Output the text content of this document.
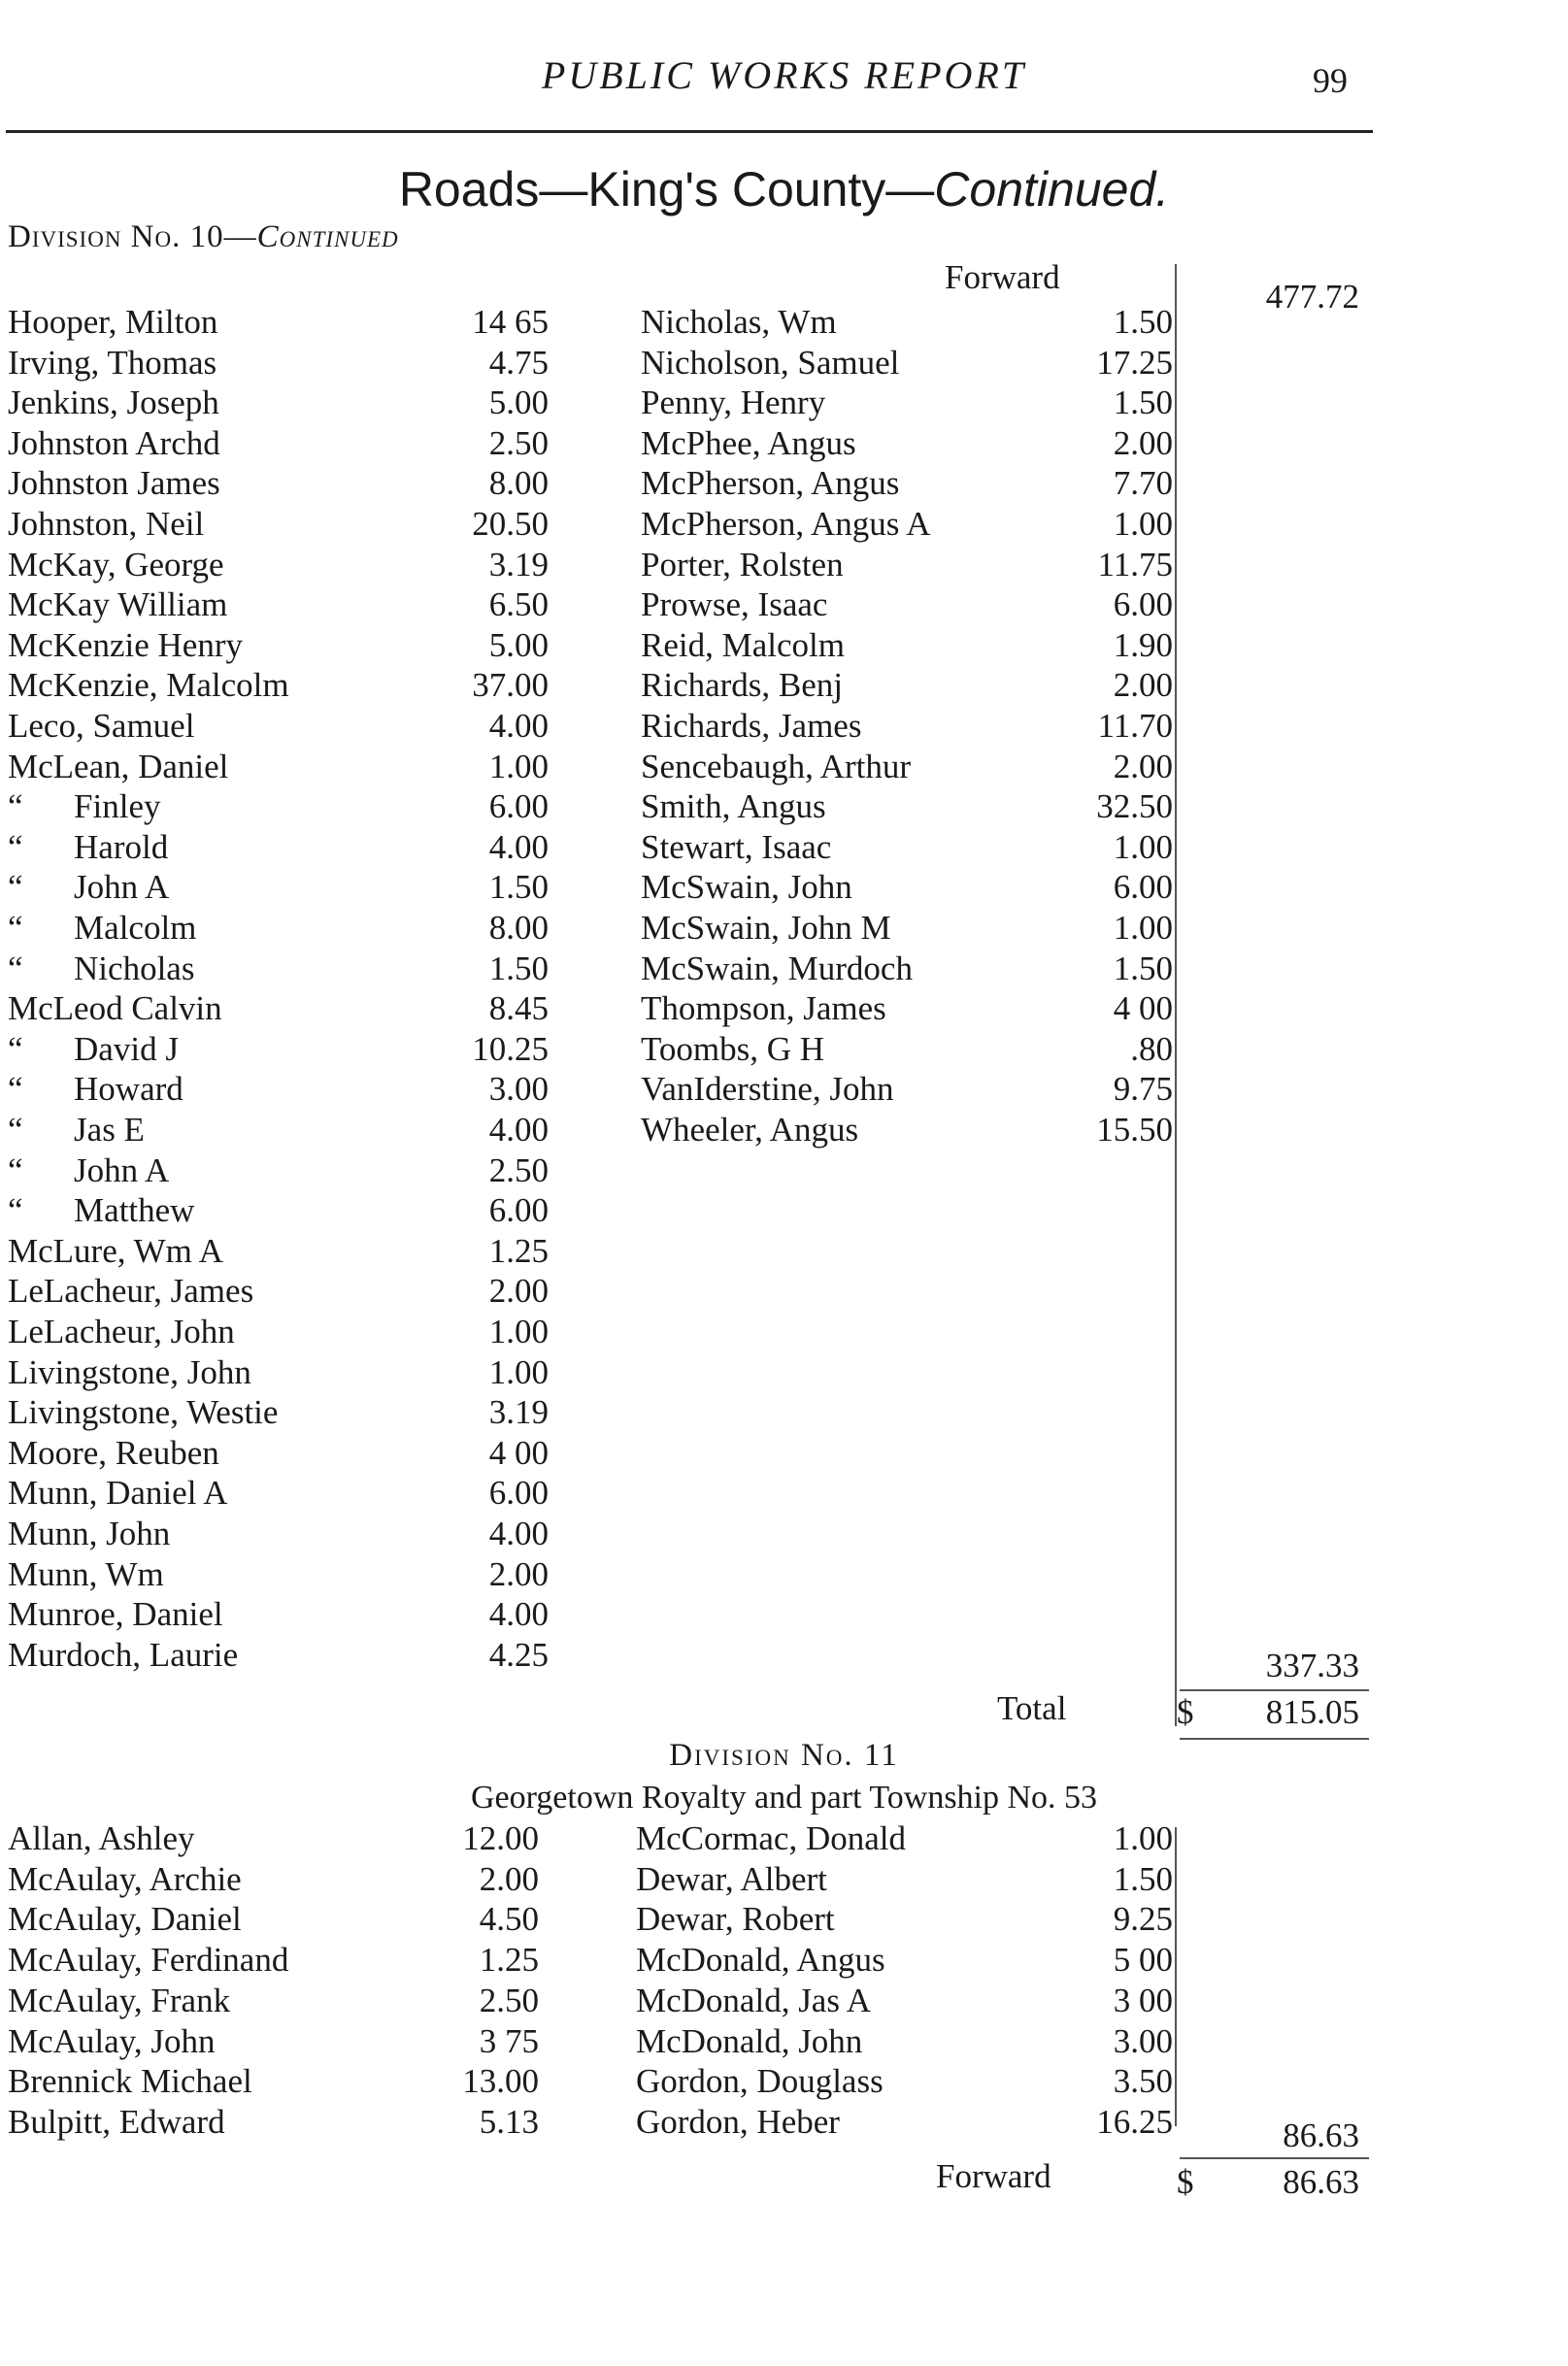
PUBLIC WORKS REPORT	99
Roads—King's County—Continued.
Division No. 10—Continued
Forward
477.72
Hooper, Milton	14 65
Irving, Thomas	4.75
Jenkins, Joseph	5.00
Johnston Archd	2.50
Johnston James	8.00
Johnston, Neil	20.50
McKay, George	3.19
McKay William	6.50
McKenzie Henry	5.00
McKenzie, Malcolm	37.00
Leco, Samuel	4.00
McLean, Daniel	1.00
“      Finley	6.00
“      Harold	4.00
“      John A	1.50
“      Malcolm	8.00
“      Nicholas	1.50
McLeod Calvin	8.45
“      David J	10.25
“      Howard	3.00
“      Jas E	4.00
“      John A	2.50
“      Matthew	6.00
McLure, Wm A	1.25
LeLacheur, James	2.00
LeLacheur, John	1.00
Livingstone, John	1.00
Livingstone, Westie	3.19
Moore, Reuben	4 00
Munn, Daniel A	6.00
Munn, John	4.00
Munn, Wm	2.00
Munroe, Daniel	4.00
Murdoch, Laurie	4.25
Nicholas, Wm	1.50
Nicholson, Samuel	17.25
Penny, Henry	1.50
McPhee, Angus	2.00
McPherson, Angus	7.70
McPherson, Angus A	1.00
Porter, Rolsten	11.75
Prowse, Isaac	6.00
Reid, Malcolm	1.90
Richards, Benj	2.00
Richards, James	11.70
Sencebaugh, Arthur	2.00
Smith, Angus	32.50
Stewart, Isaac	1.00
McSwain, John	6.00
McSwain, John M	1.00
McSwain, Murdoch	1.50
Thompson, James	4 00
Toombs, G H	.80
VanIderstine, John	9.75
Wheeler, Angus	15.50
337.33
Total	$	815.05
Division No. 11
Georgetown Royalty and part Township No. 53
Allan, Ashley	12.00
McAulay, Archie	2.00
McAulay, Daniel	4.50
McAulay, Ferdinand	1.25
McAulay, Frank	2.50
McAulay, John	3 75
Brennick Michael	13.00
Bulpitt, Edward	5.13
McCormac, Donald	1.00
Dewar, Albert	1.50
Dewar, Robert	9.25
McDonald, Angus	5 00
McDonald, Jas A	3 00
McDonald, John	3.00
Gordon, Douglass	3.50
Gordon, Heber	16.25	86.63
Forward	$	86.63
